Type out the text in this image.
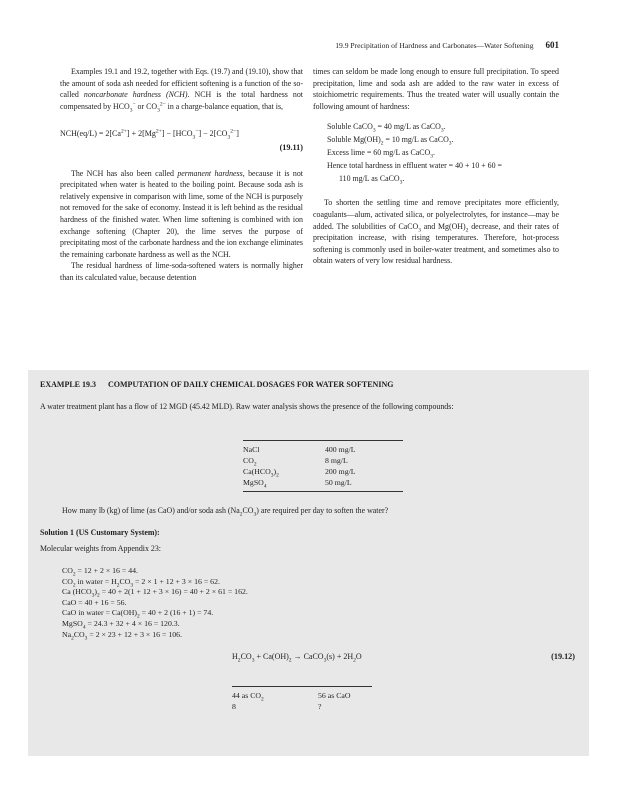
19.9 Precipitation of Hardness and Carbonates—Water Softening 601

Examples 19.1 and 19.2, together with Eqs. (19.7) and (19.10), show that the amount of soda ash needed for efficient softening is a function of the so-called noncarbonate hardness (NCH). NCH is the total hardness not compensated by $HCO_3^-$ or $CO_3^{2-}$ in a charge-balance equation, that is,

$NCH(eq/L) = 2[Ca^{2+}] + 2[Mg^{2+}] - [HCO_3^-] - 2[CO_3^{2-}]$
(19.11)

The NCH has also been called permanent hardness, because it is not precipitated when water is heated to the boiling point. Because soda ash is relatively expensive in comparison with lime, some of the NCH is purposely not removed for the sake of economy. Instead it is left behind as the residual hardness of the finished water. When lime softening is combined with ion exchange softening (Chapter 20), the lime serves the purpose of precipitating most of the carbonate hardness and the ion exchange eliminates the remaining carbonate hardness as well as the NCH.

The residual hardness of lime-soda-softened waters is normally higher than its calculated value, because detention

times can seldom be made long enough to ensure full precipitation. To speed precipitation, lime and soda ash are added to the raw water in excess of stoichiometric requirements. Thus the treated water will usually contain the following amount of hardness:

Soluble CaCO$_3$ = 40 mg/L as CaCO$_3$.
Soluble $Mg(OH)_2 = 10$ mg/L as CaCO$_3$.
Excess lime = 60 mg/L as CaCO$_3$.
Hence total hardness in effluent water = 40 + 10 + 60 =
110 mg/L as CaCO$_3$.

To shorten the settling time and remove precipitates more efficiently, coagulants—alum, activated silica, or polyelectrolytes, for instance—may be added. The solubilities of CaCO$_3$ and $Mg(OH)_2$ decrease, and their rates of precipitation increase, with rising temperatures. Therefore, hot-process softening is commonly used in boiler-water treatment, and sometimes also to obtain waters of very low residual hardness.

EXAMPLE 19.3 COMPUTATION OF DAILY CHEMICAL DOSAGES FOR WATER SOFTENING
A water treatment plant has a flow of 12 MGD (45.42 MLD). Raw water analysis shows the presence of the following compounds:
NaCl	400 mg/L
$CO_2$	8 mg/L
$Ca(HCO_3)_2$	200 mg/L
MgSO$_4$	50 mg/L
How many lb (kg) of lime (as CaO) and/or soda ash $(Na_2CO_3)$ are required per day to soften the water?
Solution 1 (US Customary System):
Molecular weights from Appendix 23:
$CO_2 = 12 + 2 \times 16 = 44$.
$CO_2$ in water = $H_2CO_3 = 2 \times 1 + 12 + 3 \times 16 = 62$.
Ca $(HCO_3)_2 = 40 + 2(1 + 12 + 3 \times 16) = 40 + 2 \times 61 = 162$.
CaO = 40 + 16 = 56.
CaO in water = $Ca(OH)_2 = 40 + 2$ (16 + 1) = 74.
MgSO$_4$ = 24.3 + 32 + 4 × 16 = 120.3.
$Na_2CO_3 = 2 \times 23 + 12 + 3 \times 16 = 106$.
$H_2CO_3 + Ca(OH)_2$ → CaCO$_3$(s) + $2H_2O$	(19.12)
44 as $CO_2$	56 as CaO
8	?
